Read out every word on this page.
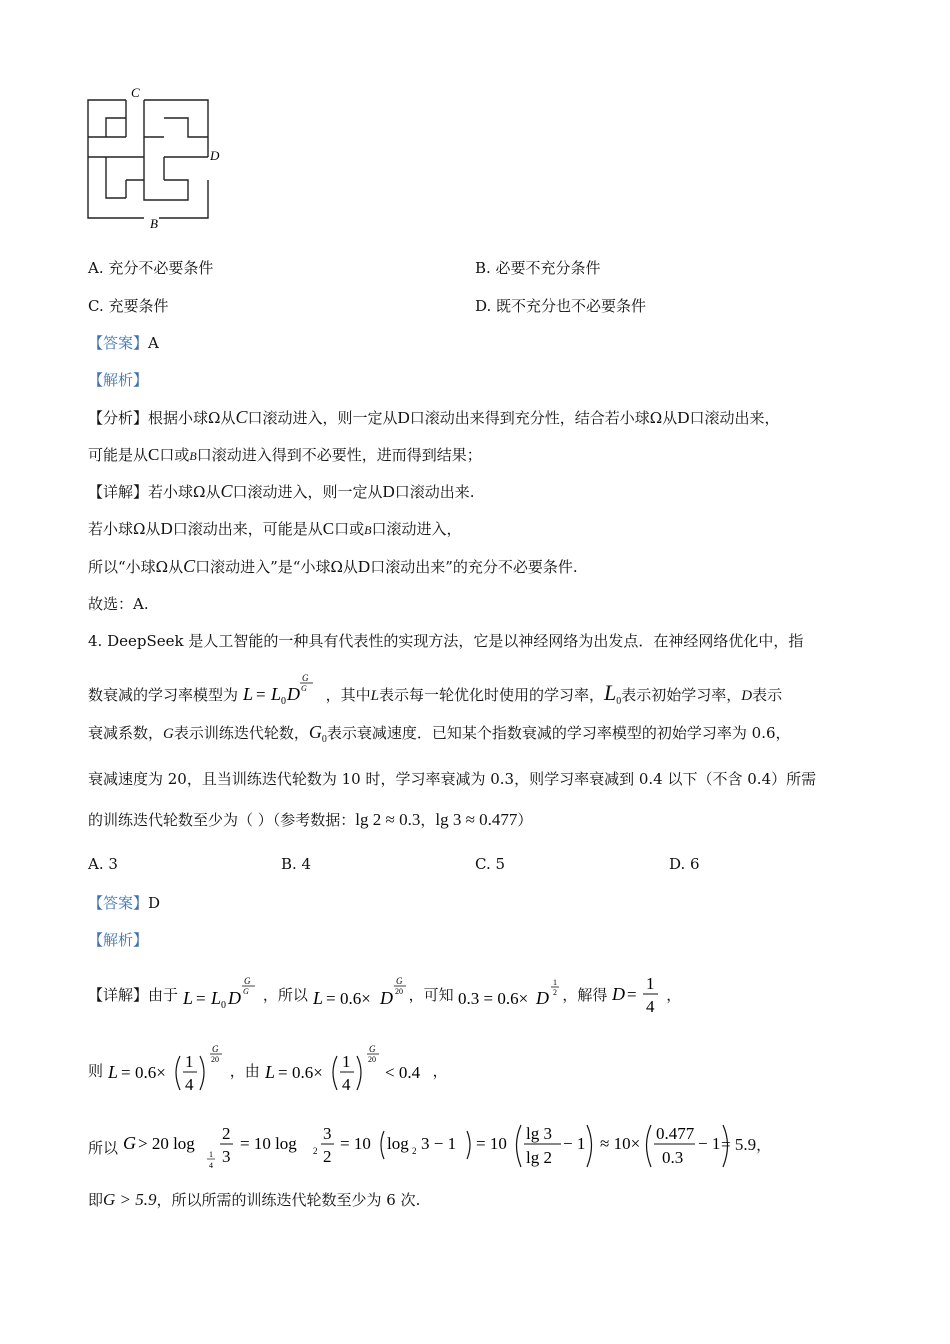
C
D
B
A. 充分不必要条件	B. 必要不充分条件
C. 充要条件	D. 既不充分也不必要条件
【答案】A
【解析】
【分析】根据小球Ω从C口滚动进入，则一定从D口滚动出来得到充分性，结合若小球Ω从D口滚动出来，
可能是从C口或B口滚动进入得到不必要性，进而得到结果；
【详解】若小球Ω从C口滚动进入，则一定从D口滚动出来.
若小球Ω从D口滚动出来，可能是从C口或B口滚动进入，
所以“小球Ω从C口滚动进入”是“小球Ω从D口滚动出来”的充分不必要条件.
故选：A.
4. DeepSeek 是人工智能的一种具有代表性的实现方法，它是以神经网络为出发点．在神经网络优化中，指
数衰减的学习率模型为 L = L 0 D
G
G ，其中L表示每一轮优化时使用的学习率，$L_0$表示初始学习率，D表示
衰减系数，G表示训练迭代轮数，$G_0$表示衰减速度．已知某个指数衰减的学习率模型的初始学习率为 0.6，
衰减速度为 20，且当训练迭代轮数为 10 时，学习率衰减为 0.3，则学习率衰减到 0.4 以下（不含 0.4）所需
的训练迭代轮数至少为（ ）（参考数据：lg 2 ≈ 0.3，lg 3 ≈ 0.477）
A. 3	B. 4	C. 5	D. 6
【答案】D
【解析】
【详解】由于 L = L 0 D
G
G ，所以 L = 0.6× D
G
20 ，可知 0.3 = 0.6× D
1
2 ，解得 D =
1
4
，
则 L = 0.6×
1
4
G
20
，由 L = 0.6×
1
4
G
20
< 0.4 ，
所以 G > 20 log
1
4
2
3
= 10 log 2
3
2
= 10 log 2 3 − 1 = 10
lg 3
lg 2
− 1 ≈ 10×
0.477
0.3
− 1 = 5.9，
即G > 5.9，所以所需的训练迭代轮数至少为 6 次.
